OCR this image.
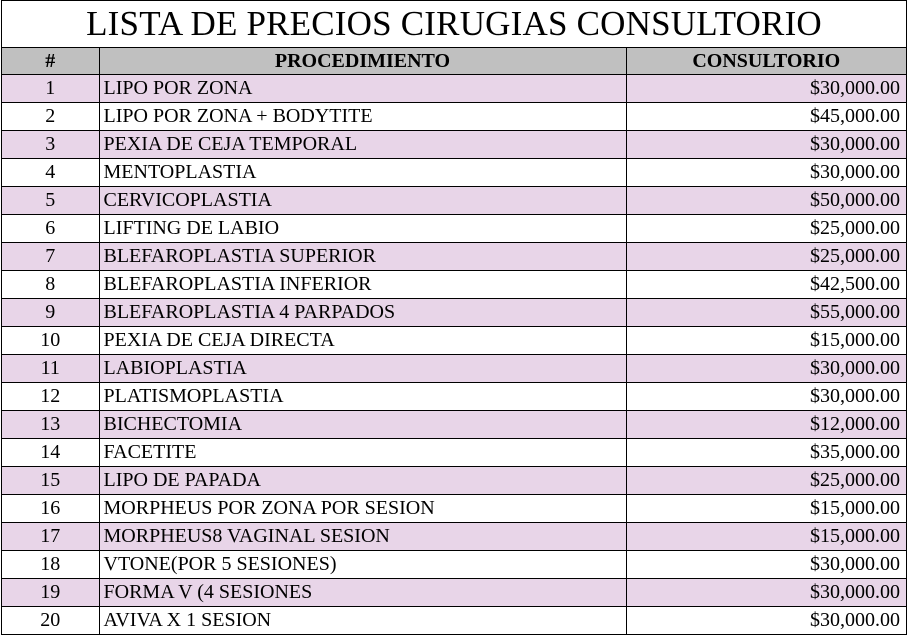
LISTA DE PRECIOS CIRUGIAS CONSULTORIO
#	PROCEDIMIENTO	CONSULTORIO
1	LIPO POR ZONA	$30,000.00
2	LIPO POR ZONA + BODYTITE	$45,000.00
3	PEXIA DE CEJA TEMPORAL	$30,000.00
4	MENTOPLASTIA	$30,000.00
5	CERVICOPLASTIA	$50,000.00
6	LIFTING DE LABIO	$25,000.00
7	BLEFAROPLASTIA SUPERIOR	$25,000.00
8	BLEFAROPLASTIA INFERIOR	$42,500.00
9	BLEFAROPLASTIA 4 PARPADOS	$55,000.00
10	PEXIA DE CEJA DIRECTA	$15,000.00
11	LABIOPLASTIA	$30,000.00
12	PLATISMOPLASTIA	$30,000.00
13	BICHECTOMIA	$12,000.00
14	FACETITE	$35,000.00
15	LIPO DE PAPADA	$25,000.00
16	MORPHEUS POR ZONA POR SESION	$15,000.00
17	MORPHEUS8 VAGINAL SESION	$15,000.00
18	VTONE(POR 5 SESIONES)	$30,000.00
19	FORMA V (4 SESIONES	$30,000.00
20	AVIVA X 1 SESION	$30,000.00
